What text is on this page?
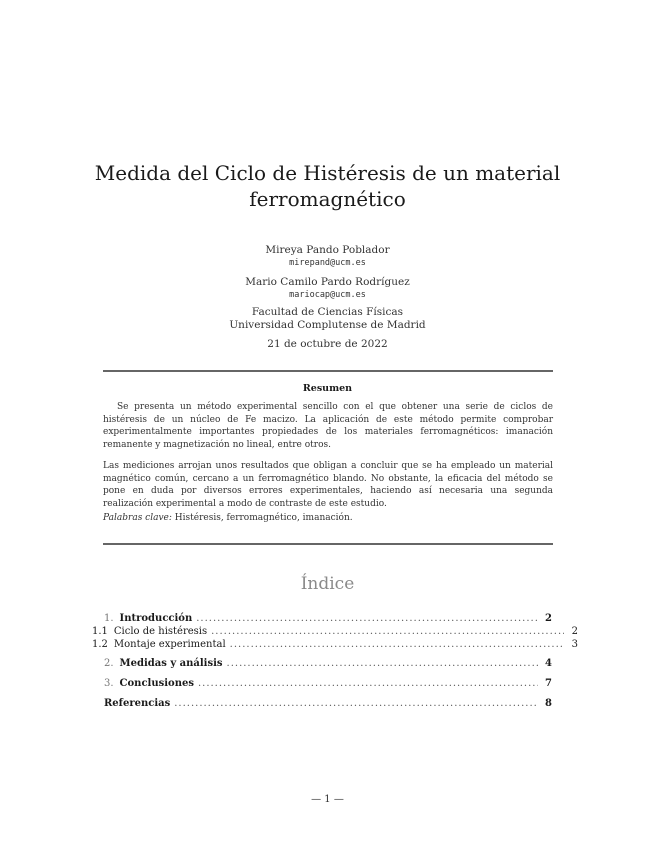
Medida del Ciclo de Histéresis de un material
ferromagnético
Mireya Pando Poblador
mirepand@ucm.es
Mario Camilo Pardo Rodríguez
mariocap@ucm.es
Facultad de Ciencias Físicas
Universidad Complutense de Madrid
21 de octubre de 2022
Resumen
Se presenta un método experimental sencillo con el que obtener una serie de ciclos de histéresis de un núcleo de Fe macizo. La aplicación de este método permite comprobar experimentalmente importantes propiedades de los materiales ferromagnéticos: imanación remanente y magnetización no lineal, entre otros.
Las mediciones arrojan unos resultados que obligan a concluir que se ha empleado un material magnético común, cercano a un ferromagnético blando. No obstante, la eficacia del método se pone en duda por diversos errores experimentales, haciendo así necesaria una segunda realización experimental a modo de contraste de este estudio.
Palabras clave: Histéresis, ferromagnético, imanación.
Índice
1. Introducción .....	2
1.1 Ciclo de histéresis .....	2
1.2 Montaje experimental .....	3
2. Medidas y análisis .....	4
3. Conclusiones .....	7
Referencias .....	8
— 1 —
